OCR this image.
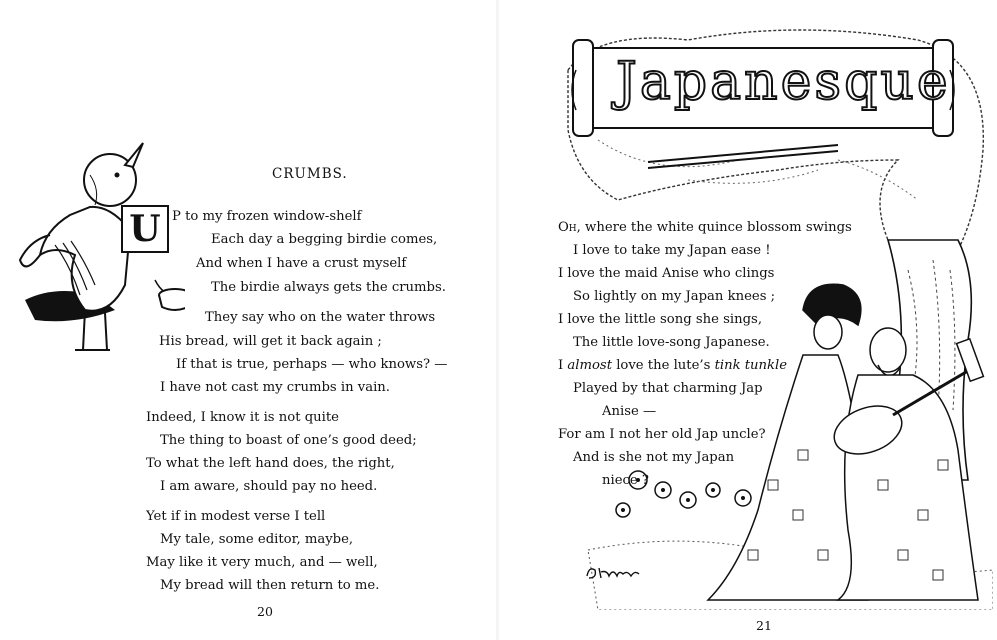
U
CRUMBS.
P to my frozen window-shelf
Each day a begging birdie comes,
And when I have a crust myself
The birdie always gets the crumbs.
They say who on the water throws
His bread, will get it back again ;
If that is true, perhaps — who knows? —
I have not cast my crumbs in vain.
Indeed, I know it is not quite
The thing to boast of one’s good deed;
To what the left hand does, the right,
I am aware, should pay no heed.
Yet if in modest verse I tell
My tale, some editor, maybe,
May like it very much, and — well,
My bread will then return to me.
20
Japanesque
Oh, where the white quince blossom swings
I love to take my Japan ease !
I love the maid Anise who clings
So lightly on my Japan knees ;
I love the little song she sings,
The little love-song Japanese.
I almost love the lute’s tink tunkle
Played by that charming Jap
Anise —
For am I not her old Jap uncle?
And is she not my Japan
niece ?
21
